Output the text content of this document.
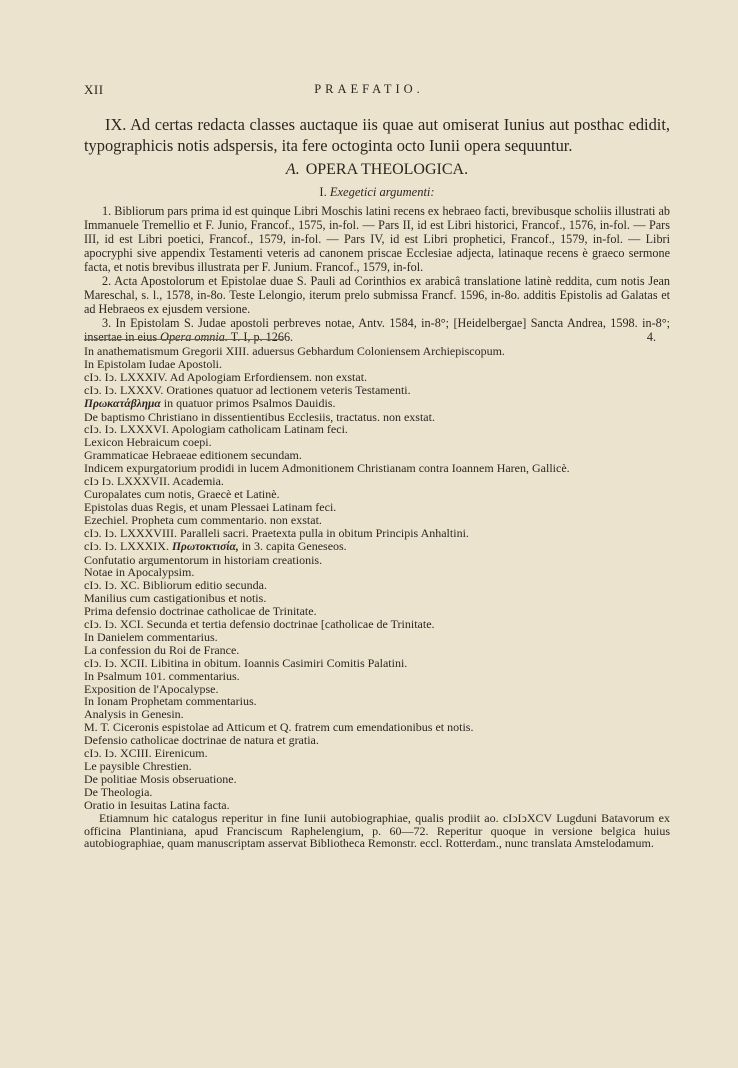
XII	PRAEFATIO.
IX. Ad certas redacta classes auctaque iis quae aut omiserat Iunius aut posthac edidit, typographicis notis adspersis, ita fere octoginta octo Iunii opera sequuntur.
A. OPERA THEOLOGICA.
I. Exegetici argumenti:

1. Bibliorum pars prima id est quinque Libri Moschis latini recens ex hebraeo facti, brevibusque scholiis illustrati ab Immanuele Tremellio et F. Junio, Francof., 1575, in-fol. — Pars II, id est Libri historici, Francof., 1576, in-fol. — Pars III, id est Libri poetici, Francof., 1579, in-fol. — Pars IV, id est Libri prophetici, Francof., 1579, in-fol. — Libri apocryphi sive appendix Testamenti veteris ad canonem priscae Ecclesiae adjecta, latinaque recens è graeco sermone facta, et notis brevibus illustrata per F. Junium. Francof., 1579, in-fol.

2. Acta Apostolorum et Epistolae duae S. Pauli ad Corinthios ex arabicâ translatione latinè reddita, cum notis Jean Mareschal, s. l., 1578, in-8o. Teste Lelongio, iterum prelo submissa Francf. 1596, in-8o. additis Epistolis ad Galatas et ad Hebraeos ex ejusdem versione.

3. In Epistolam S. Judae apostoli perbreves notae, Antv. 1584, in-8°; [Heidelbergae] Sancta Andrea, 1598. in-8°; insertae in eius Opera omnia. T. I, p. 1266.	4.

In anathematismum Gregorii XIII. aduersus Gebhardum Coloniensem Archiepiscopum.
In Epistolam Iudae Apostoli.
cIↄ. Iↄ. LXXXIV. Ad Apologiam Erfordiensem. non exstat.
cIↄ. Iↄ. LXXXV. Orationes quatuor ad lectionem veteris Testamenti.
Πρωκατάβλημα in quatuor primos Psalmos Dauidis.
De baptismo Christiano in dissentientibus Ecclesiis, tractatus. non exstat.
cIↄ. Iↄ. LXXXVI. Apologiam catholicam Latinam feci.
Lexicon Hebraicum coepi.
Grammaticae Hebraeae editionem secundam.
Indicem expurgatorium prodidi in lucem Admonitionem Christianam contra Ioannem Haren, Gallicè.
cIↄ Iↄ. LXXXVII. Academia.
Curopalates cum notis, Graecè et Latinè.
Epistolas duas Regis, et unam Plessaei Latinam feci.
Ezechiel. Propheta cum commentario. non exstat.
cIↄ. Iↄ. LXXXVIII. Paralleli sacri. Praetexta pulla in obitum Principis Anhaltini.
cIↄ. Iↄ. LXXXIX. Πρωτοκτισία, in 3. capita Geneseos.
Confutatio argumentorum in historiam creationis.
Notae in Apocalypsim.
cIↄ. Iↄ. XC. Bibliorum editio secunda.
Manilius cum castigationibus et notis.
Prima defensio doctrinae catholicae de Trinitate.
cIↄ. Iↄ. XCI. Secunda et tertia defensio doctrinae [catholicae de Trinitate.
In Danielem commentarius.
La confession du Roi de France.
cIↄ. Iↄ. XCII. Libitina in obitum. Ioannis Casimiri Comitis Palatini.
In Psalmum 101. commentarius.
Exposition de l'Apocalypse.
In Ionam Prophetam commentarius.
Analysis in Genesin.
M. T. Ciceronis espistolae ad Atticum et Q. fratrem cum emendationibus et notis.
Defensio catholicae doctrinae de natura et gratia.
cIↄ. Iↄ. XCIII. Eirenicum.
Le paysible Chrestien.
De politiae Mosis obseruatione.
De Theologia.
Oratio in Iesuitas Latina facta.
Etiamnum hic catalogus reperitur in fine Iunii autobiographiae, qualis prodiit ao. cIↄIↄXCV Lugduni Batavorum ex officina Plantiniana, apud Franciscum Raphelengium, p. 60—72. Reperitur quoque in versione belgica huius autobiographiae, quam manuscriptam asservat Bibliotheca Remonstr. eccl. Rotterdam., nunc translata Amstelodamum.
